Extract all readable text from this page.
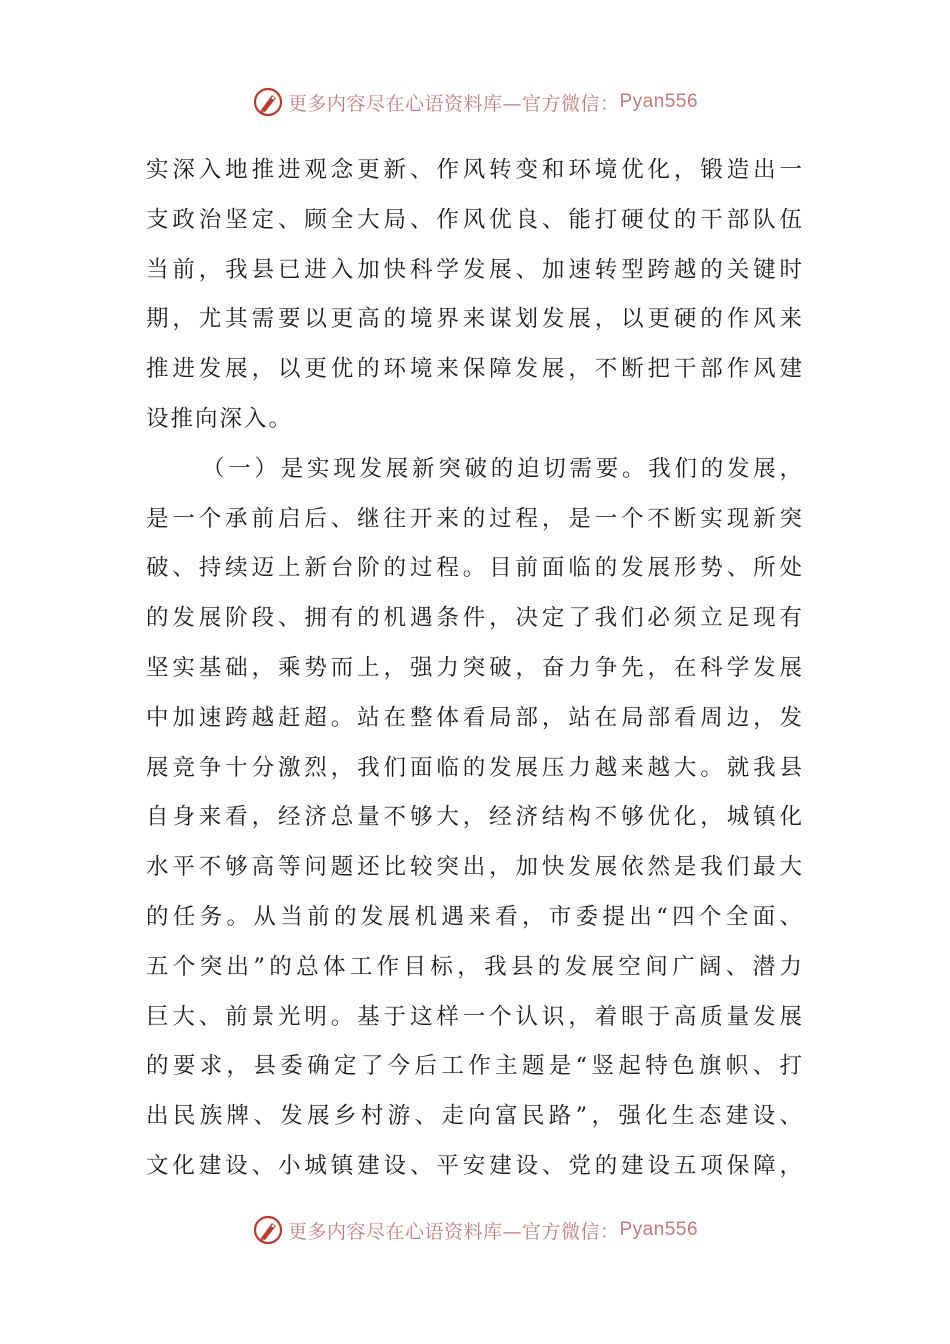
更多内容尽在心语资料库—官方微信： Pyan556
实深入地推进观念更新、作风转变和环境优化，锻造出一
支政治坚定、顾全大局、作风优良、能打硬仗的干部队伍
当前，我县已进入加快科学发展、加速转型跨越的关键时
期，尤其需要以更高的境界来谋划发展，以更硬的作风来
推进发展，以更优的环境来保障发展，不断把干部作风建
设推向深入。
（一）是实现发展新突破的迫切需要。我们的发展，
是一个承前启后、继往开来的过程，是一个不断实现新突
破、持续迈上新台阶的过程。目前面临的发展形势、所处
的发展阶段、拥有的机遇条件，决定了我们必须立足现有
坚实基础，乘势而上，强力突破，奋力争先，在科学发展
中加速跨越赶超。站在整体看局部，站在局部看周边，发
展竞争十分激烈，我们面临的发展压力越来越大。就我县
自身来看，经济总量不够大，经济结构不够优化，城镇化
水平不够高等问题还比较突出，加快发展依然是我们最大
的任务。从当前的发展机遇来看，市委提出“四个全面、
五个突出”的总体工作目标，我县的发展空间广阔、潜力
巨大、前景光明。基于这样一个认识，着眼于高质量发展
的要求，县委确定了今后工作主题是“竖起特色旗帜、打
出民族牌、发展乡村游、走向富民路”，强化生态建设、
文化建设、小城镇建设、平安建设、党的建设五项保障，
更多内容尽在心语资料库—官方微信： Pyan556
